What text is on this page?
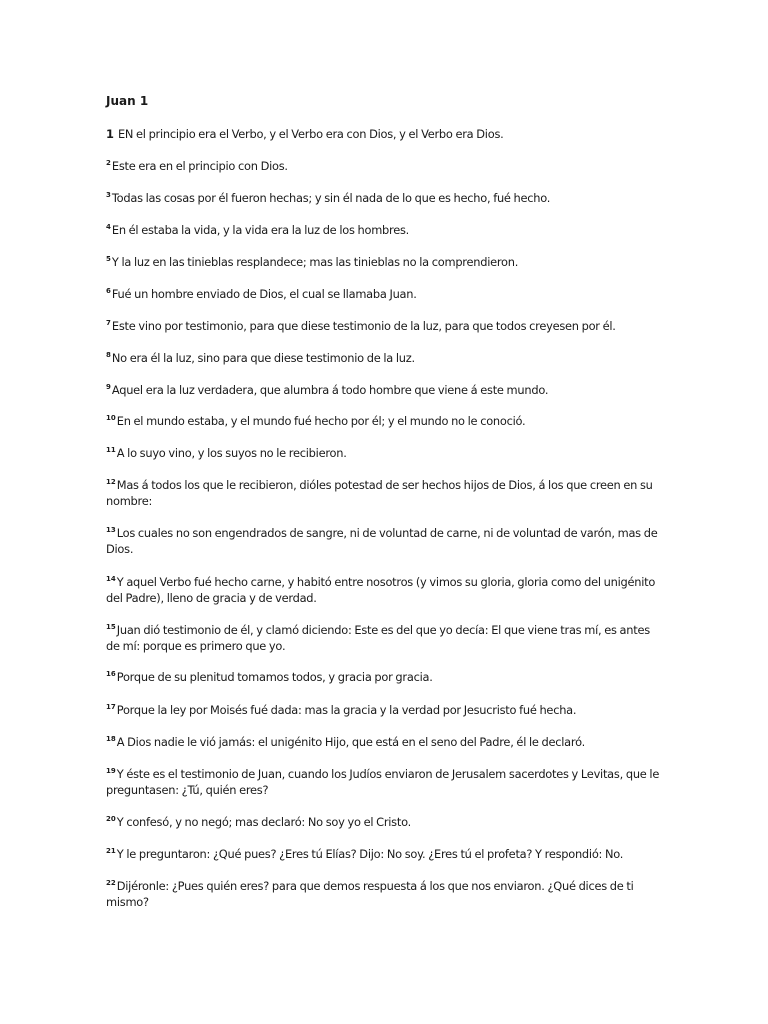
Juan 1
1 EN el principio era el Verbo, y el Verbo era con Dios, y el Verbo era Dios.
$^2$Este era en el principio con Dios.
$^3$Todas las cosas por él fueron hechas; y sin él nada de lo que es hecho, fué hecho.
$^4$En él estaba la vida, y la vida era la luz de los hombres.
$^5$Y la luz en las tinieblas resplandece; mas las tinieblas no la comprendieron.
$^6$Fué un hombre enviado de Dios, el cual se llamaba Juan.
$^7$Este vino por testimonio, para que diese testimonio de la luz, para que todos creyesen por él.
$^8$No era él la luz, sino para que diese testimonio de la luz.
$^9$Aquel era la luz verdadera, que alumbra á todo hombre que viene á este mundo.
$^{10}$En el mundo estaba, y el mundo fué hecho por él; y el mundo no le conoció.
$^{11}$A lo suyo vino, y los suyos no le recibieron.
$^{12}$Mas á todos los que le recibieron, dióles potestad de ser hechos hijos de Dios, á los que creen en su nombre:
$^{13}$Los cuales no son engendrados de sangre, ni de voluntad de carne, ni de voluntad de varón, mas de Dios.
$^{14}$Y aquel Verbo fué hecho carne, y habitó entre nosotros (y vimos su gloria, gloria como del unigénito del Padre), lleno de gracia y de verdad.
$^{15}$Juan dió testimonio de él, y clamó diciendo: Este es del que yo decía: El que viene tras mí, es antes de mí: porque es primero que yo.
$^{16}$Porque de su plenitud tomamos todos, y gracia por gracia.
$^{17}$Porque la ley por Moisés fué dada: mas la gracia y la verdad por Jesucristo fué hecha.
$^{18}$A Dios nadie le vió jamás: el unigénito Hijo, que está en el seno del Padre, él le declaró.
$^{19}$Y éste es el testimonio de Juan, cuando los Judíos enviaron de Jerusalem sacerdotes y Levitas, que le preguntasen: ¿Tú, quién eres?
$^{20}$Y confesó, y no negó; mas declaró: No soy yo el Cristo.
$^{21}$Y le preguntaron: ¿Qué pues? ¿Eres tú Elías? Dijo: No soy. ¿Eres tú el profeta? Y respondió: No.
$^{22}$Dijéronle: ¿Pues quién eres? para que demos respuesta á los que nos enviaron. ¿Qué dices de ti mismo?
